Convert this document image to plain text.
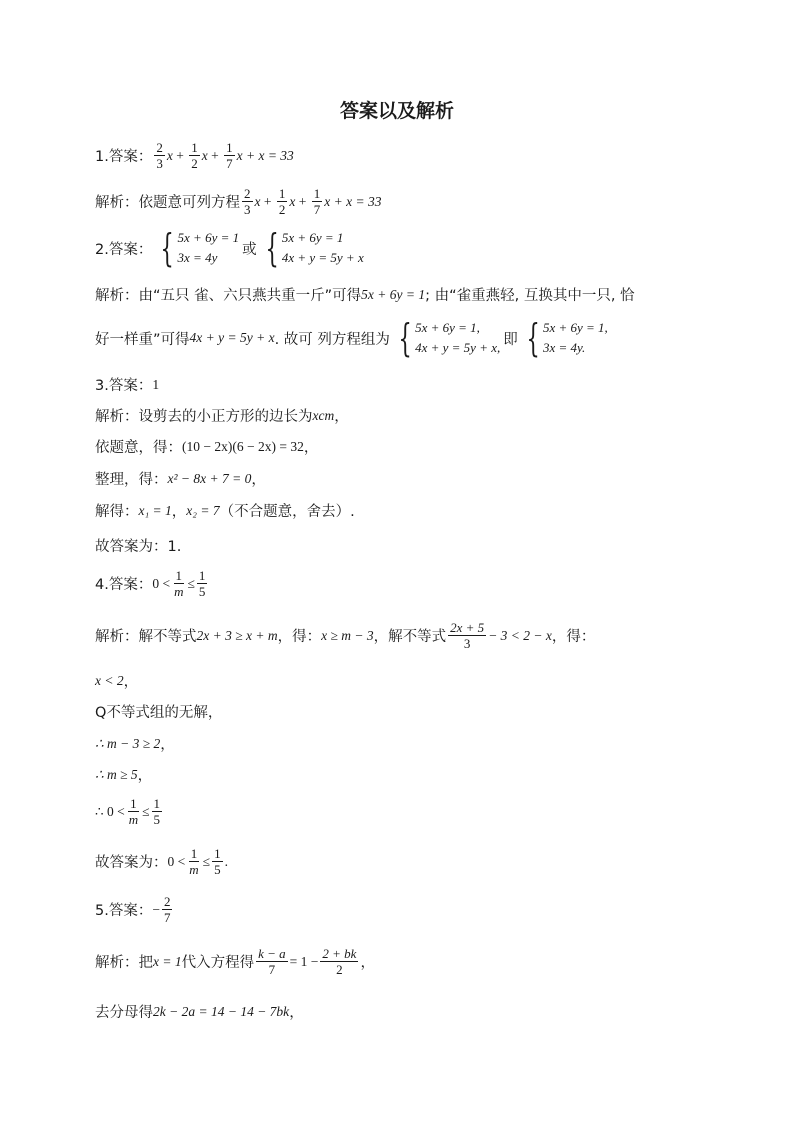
答案以及解析
1.答案： $\frac{2}{3}$ $x + \frac{1}{2}$ $x + \frac{1}{7}$ x + x = 33
解析：依题意可列方程 $\frac{2}{3}$ $x + \frac{1}{2}$ $x + \frac{1}{7}$ x + x = 33
2.答案： { 5x + 6y = 1
3x = 4y	或 { 5x + 6y = 1
4x + y = 5y + x
解析：由“五只 雀、六只燕共重一斤”可得 5x + 6y = 1 ; 由“雀重燕轻, 互换其中一只, 恰
好一样重”可得 4x + y = 5y + x . 故可 列方程组为 { 5x + 6y = 1,
4x + y = 5y + x, 即 { 5x + 6y = 1,
3x = 4y.
3.答案： 1
解析：设剪去的小正方形的边长为 xcm ，
依题意，得： (10 − 2x)(6 − 2x) = 32 ，
整理，得： x² − 8x + 7 = 0 ，
解得： x₁ = 1 ， x₂ = 7 （不合题意，舍去）.
故答案为：1.
4.答案： $0 < \frac{1}{m} \le \frac{1}{5}$
解析：解不等式 2x + 3 ≥ x + m ，得： x ≥ m − 3 ，解不等式 $\frac{2x + 5}{3} - 3 < 2 - x$ ，得：
x < 2 ，
Q不等式组的无解，
∴ m − 3 ≥ 2 ，
∴ m ≥ 5 ，
∴ $0 < \frac{1}{m} \le \frac{1}{5}$
故答案为： $0 < \frac{1}{m} \le \frac{1}{5}$ .
5.答案： − $\frac{2}{7}$
解析：把 x = 1 代入方程得 $\frac{k - a}{7} = 1 - \frac{2 + bk}{2}$ ，
去分母得 2k − 2a = 14 − 14 − 7bk ，
